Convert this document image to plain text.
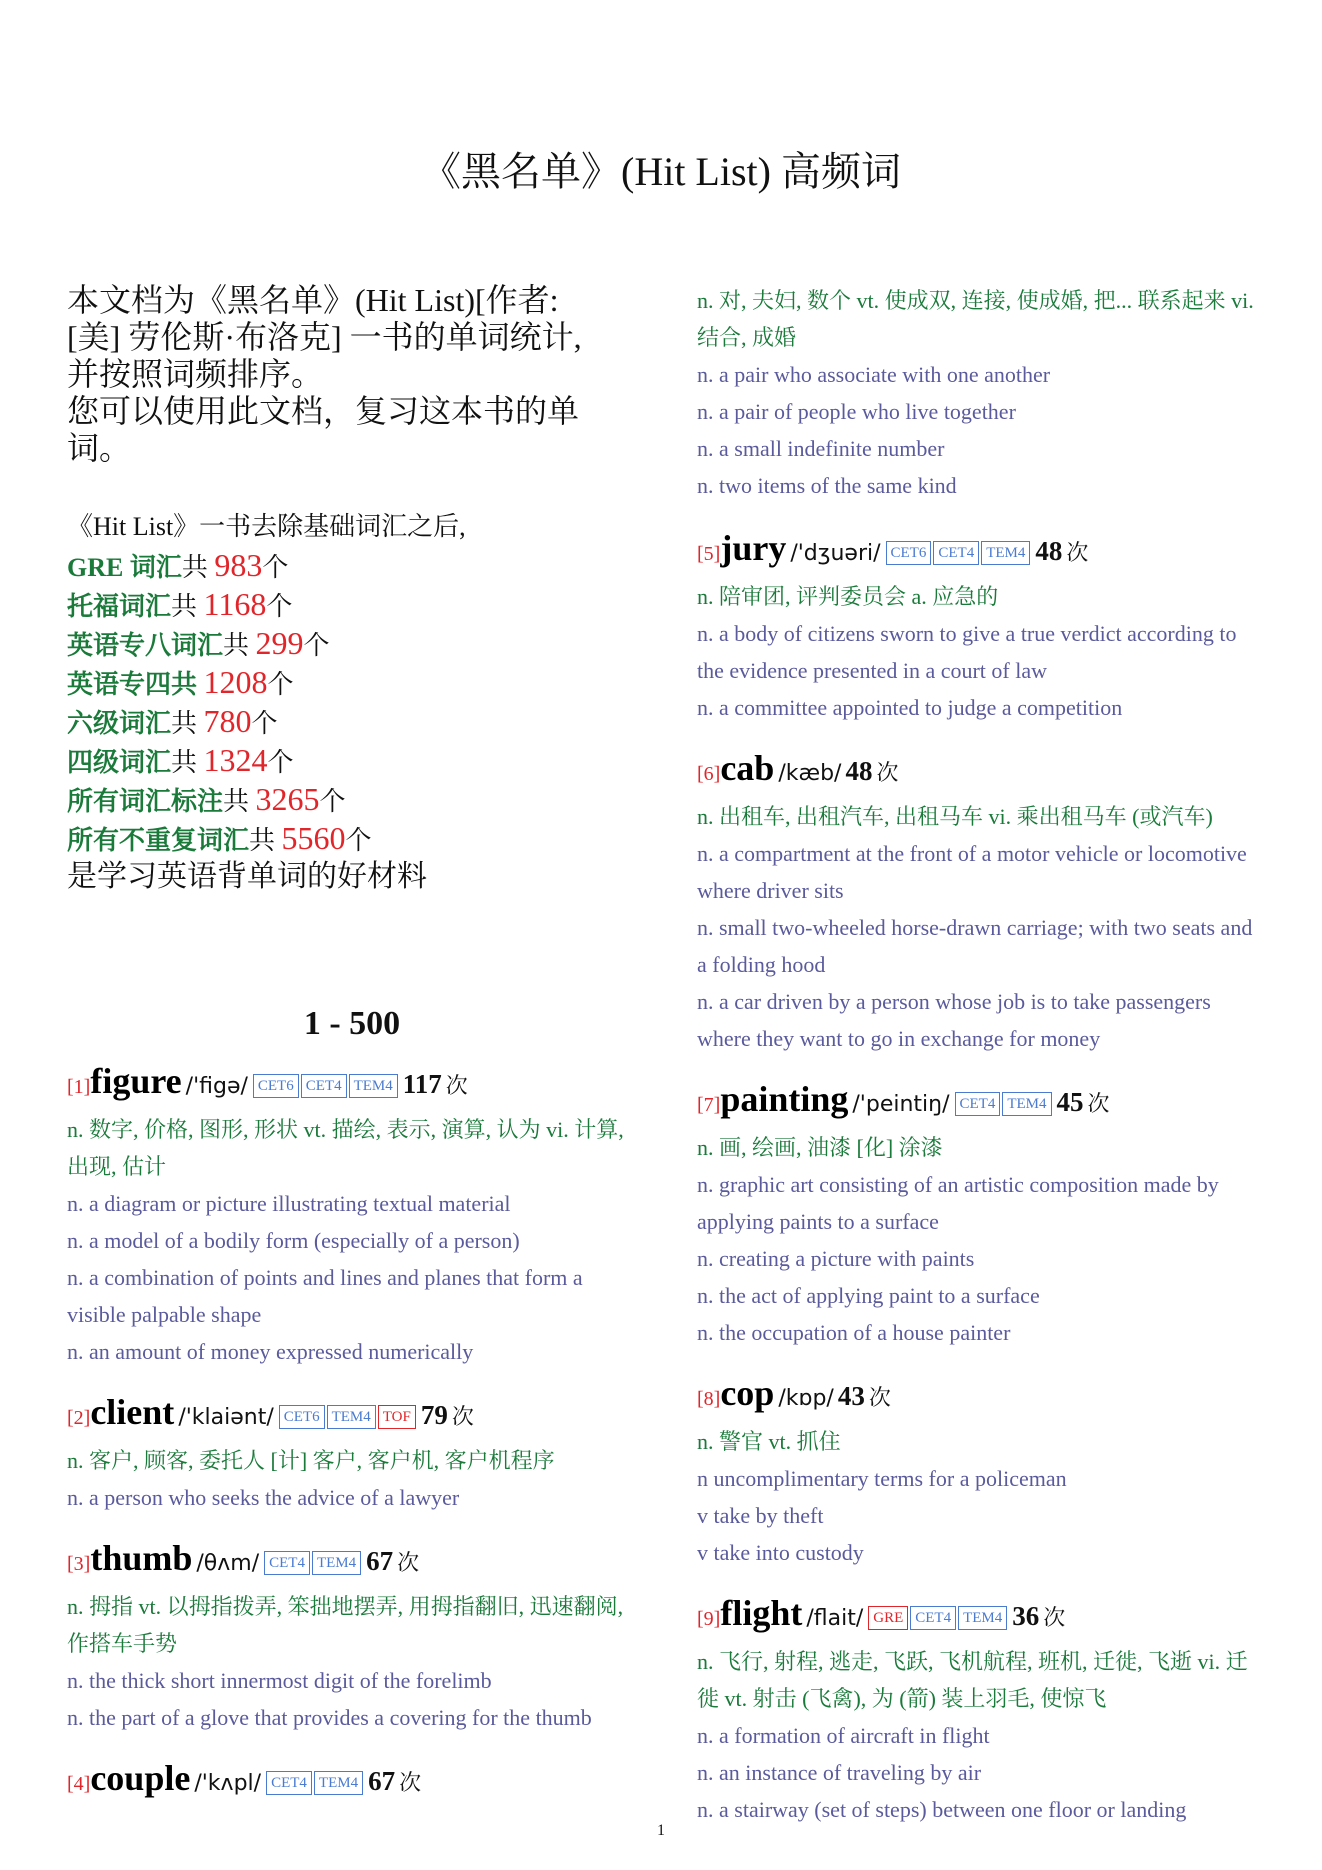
《黑名单》(Hit List) 高频词
本文档为《黑名单》(Hit List)[作者:
[美] 劳伦斯·布洛克] 一书的单词统计,
并按照词频排序。
您可以使用此文档，复习这本书的单
词。
《Hit List》一书去除基础词汇之后,
GRE 词汇共 983个
托福词汇共 1168个
英语专八词汇共 299个
英语专四共 1208个
六级词汇共 780个
四级词汇共 1324个
所有词汇标注共 3265个
所有不重复词汇共 5560个
是学习英语背单词的好材料
1 - 500
[1]figure /'figə/ CET6 CET4 TEM4 117 次
n. 数字, 价格, 图形, 形状 vt. 描绘, 表示, 演算, 认为 vi. 计算, 出现, 估计
n. a diagram or picture illustrating textual material
n. a model of a bodily form (especially of a person)
n. a combination of points and lines and planes that form a visible palpable shape
n. an amount of money expressed numerically
[2]client /'klaiənt/ CET6 TEM4 TOF 79 次
n. 客户, 顾客, 委托人 [计] 客户, 客户机, 客户机程序
n. a person who seeks the advice of a lawyer
[3]thumb /θʌm/ CET4 TEM4 67 次
n. 拇指 vt. 以拇指拨弄, 笨拙地摆弄, 用拇指翻旧, 迅速翻阅, 作搭车手势
n. the thick short innermost digit of the forelimb
n. the part of a glove that provides a covering for the thumb
[4]couple /'kʌpl/ CET4 TEM4 67 次
n. 对, 夫妇, 数个 vt. 使成双, 连接, 使成婚, 把... 联系起来 vi. 结合, 成婚
n. a pair who associate with one another
n. a pair of people who live together
n. a small indefinite number
n. two items of the same kind
[5]jury /'dʒuəri/ CET6 CET4 TEM4 48 次
n. 陪审团, 评判委员会 a. 应急的
n. a body of citizens sworn to give a true verdict according to the evidence presented in a court of law
n. a committee appointed to judge a competition
[6]cab /kæb/ 48 次
n. 出租车, 出租汽车, 出租马车 vi. 乘出租马车 (或汽车)
n. a compartment at the front of a motor vehicle or locomotive where driver sits
n. small two-wheeled horse-drawn carriage; with two seats and a folding hood
n. a car driven by a person whose job is to take passengers where they want to go in exchange for money
[7]painting /'peintiŋ/ CET4 TEM4 45 次
n. 画, 绘画, 油漆 [化] 涂漆
n. graphic art consisting of an artistic composition made by applying paints to a surface
n. creating a picture with paints
n. the act of applying paint to a surface
n. the occupation of a house painter
[8]cop /kɒp/ 43 次
n. 警官 vt. 抓住
n uncomplimentary terms for a policeman
v take by theft
v take into custody
[9]flight /flait/ GRE CET4 TEM4 36 次
n. 飞行, 射程, 逃走, 飞跃, 飞机航程, 班机, 迁徙, 飞逝 vi. 迁徙 vt. 射击 (飞禽), 为 (箭) 装上羽毛, 使惊飞
n. a formation of aircraft in flight
n. an instance of traveling by air
n. a stairway (set of steps) between one floor or landing
1
